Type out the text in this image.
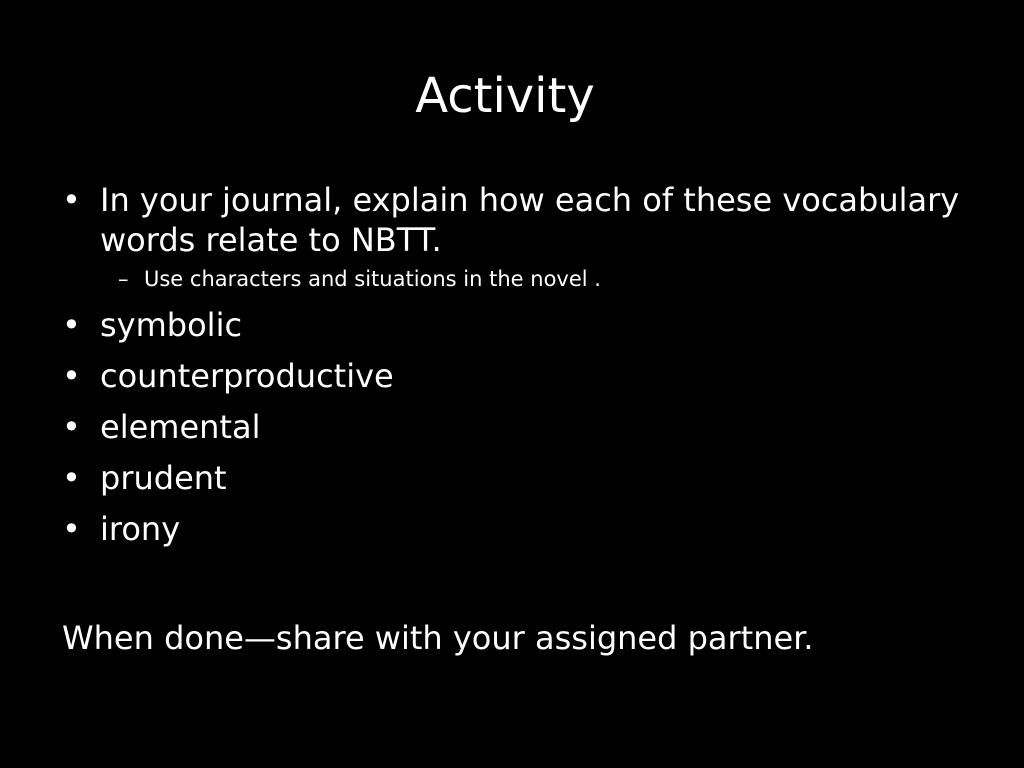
Activity
• In your journal, explain how each of these vocabulary words relate to NBTT.
– Use characters and situations in the novel .
• symbolic
• counterproductive
• elemental
• prudent
• irony
When done—share with your assigned partner.
